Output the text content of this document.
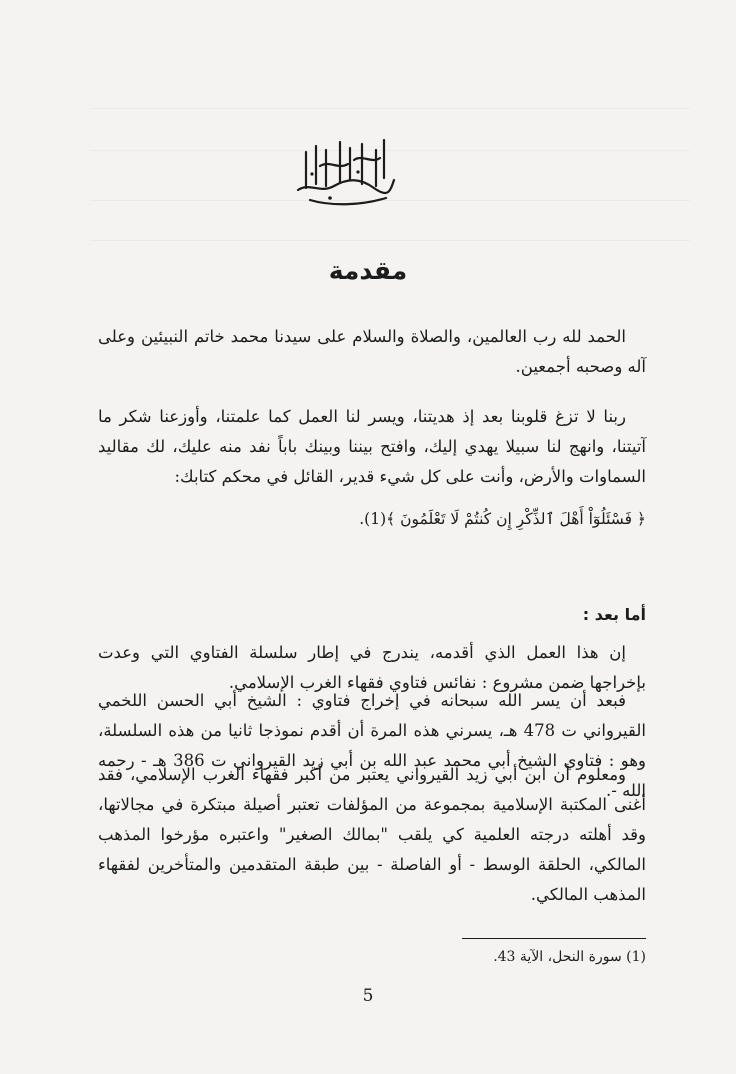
مقدمة

الحمد لله رب العالمين، والصلاة والسلام على سيدنا محمد خاتم النبيئين وعلى آله وصحبه أجمعين.

ربنا لا تزغ قلوبنا بعد إذ هديتنا، ويسر لنا العمل كما علمتنا، وأوزعنا شكر ما آتيتنا، وانهج لنا سبيلا يهدي إليك، وافتح بيننا وبينك باباً نفد منه عليك، لك مقاليد السماوات والأرض، وأنت على كل شيء قدير، القائل في محكم كتابك:

﴿ فَسْئَلُوٓاْ أَهْلَ ٱلذِّكْرِ إِن كُنتُمْ لَا تَعْلَمُونَ ﴾(1).

أما بعد :

إن هذا العمل الذي أقدمه، يندرج في إطار سلسلة الفتاوي التي وعدت بإخراجها ضمن مشروع : نفائس فتاوي فقهاء الغرب الإسلامي.

فبعد أن يسر الله سبحانه في إخراج فتاوي : الشيخ أبي الحسن اللخمي القيرواني ت 478 هـ، يسرني هذه المرة أن أقدم نموذجا ثانيا من هذه السلسلة، وهو : فتاوي الشيخ أبي محمد عبد الله بن أبي زيد القيرواني ت 386 هـ - رحمه الله -.

ومعلوم أن ابن أبي زيد القيرواني يعتبر من أكبر فقهاء الغرب الإسلامي، فقد أغنى المكتبة الإسلامية بمجموعة من المؤلفات تعتبر أصيلة مبتكرة في مجالاتها، وقد أهلته درجته العلمية كي يلقب "بمالك الصغير" واعتبره مؤرخوا المذهب المالكي، الحلقة الوسط - أو الفاصلة - بين طبقة المتقدمين والمتأخرين لفقهاء المذهب المالكي.

(1) سورة النحل، الآية 43.
5
